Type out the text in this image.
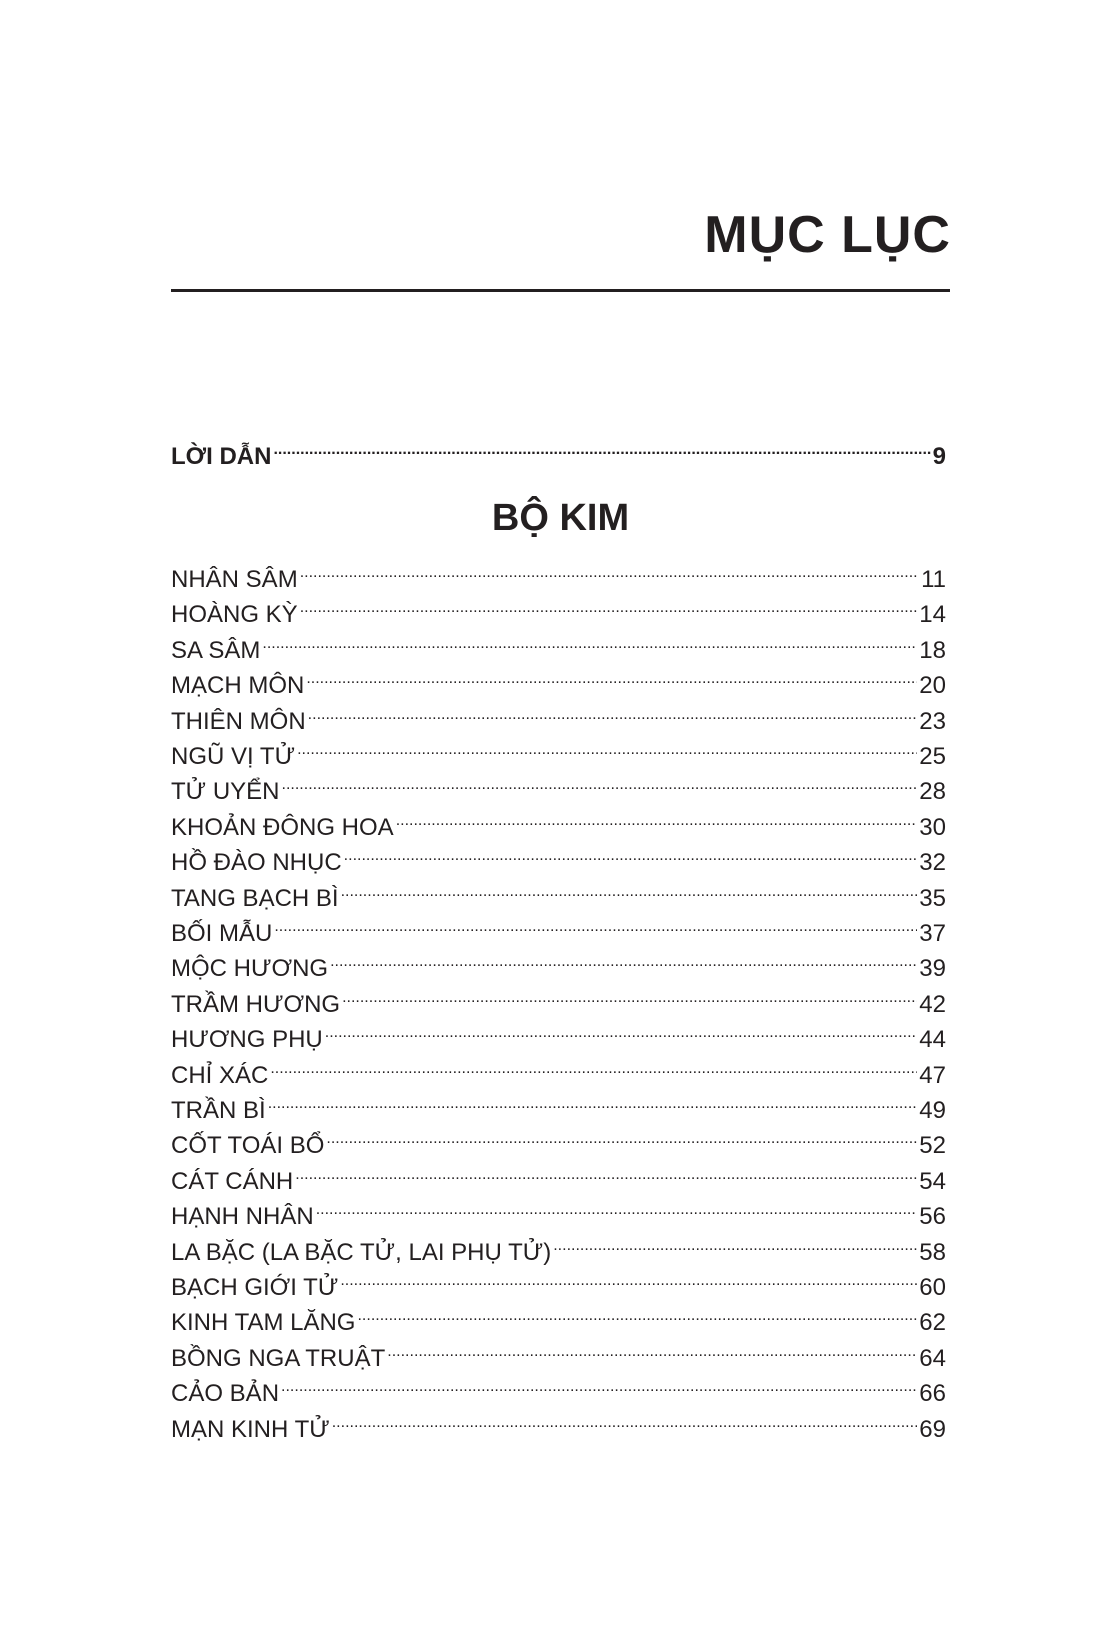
MỤC LỤC
LỜI DẪN .....	9
BỘ KIM
NHÂN SÂM .....	11
HOÀNG KỲ .....	14
SA SÂM .....	18
MẠCH MÔN .....	20
THIÊN MÔN .....	23
NGŨ VỊ TỬ .....	25
TỬ UYỂN .....	28
KHOẢN ĐÔNG HOA .....	30
HỒ ĐÀO NHỤC .....	32
TANG BẠCH BÌ .....	35
BỐI MẪU .....	37
MỘC HƯƠNG .....	39
TRẦM HƯƠNG .....	42
HƯƠNG PHỤ .....	44
CHỈ XÁC .....	47
TRẦN BÌ .....	49
CỐT TOÁI BỔ .....	52
CÁT CÁNH .....	54
HẠNH NHÂN .....	56
LA BẶC (LA BẶC TỬ, LAI PHỤ TỬ) .....	58
BẠCH GIỚI TỬ .....	60
KINH TAM LĂNG .....	62
BỒNG NGA TRUẬT .....	64
CẢO BẢN .....	66
MẠN KINH TỬ .....	69
